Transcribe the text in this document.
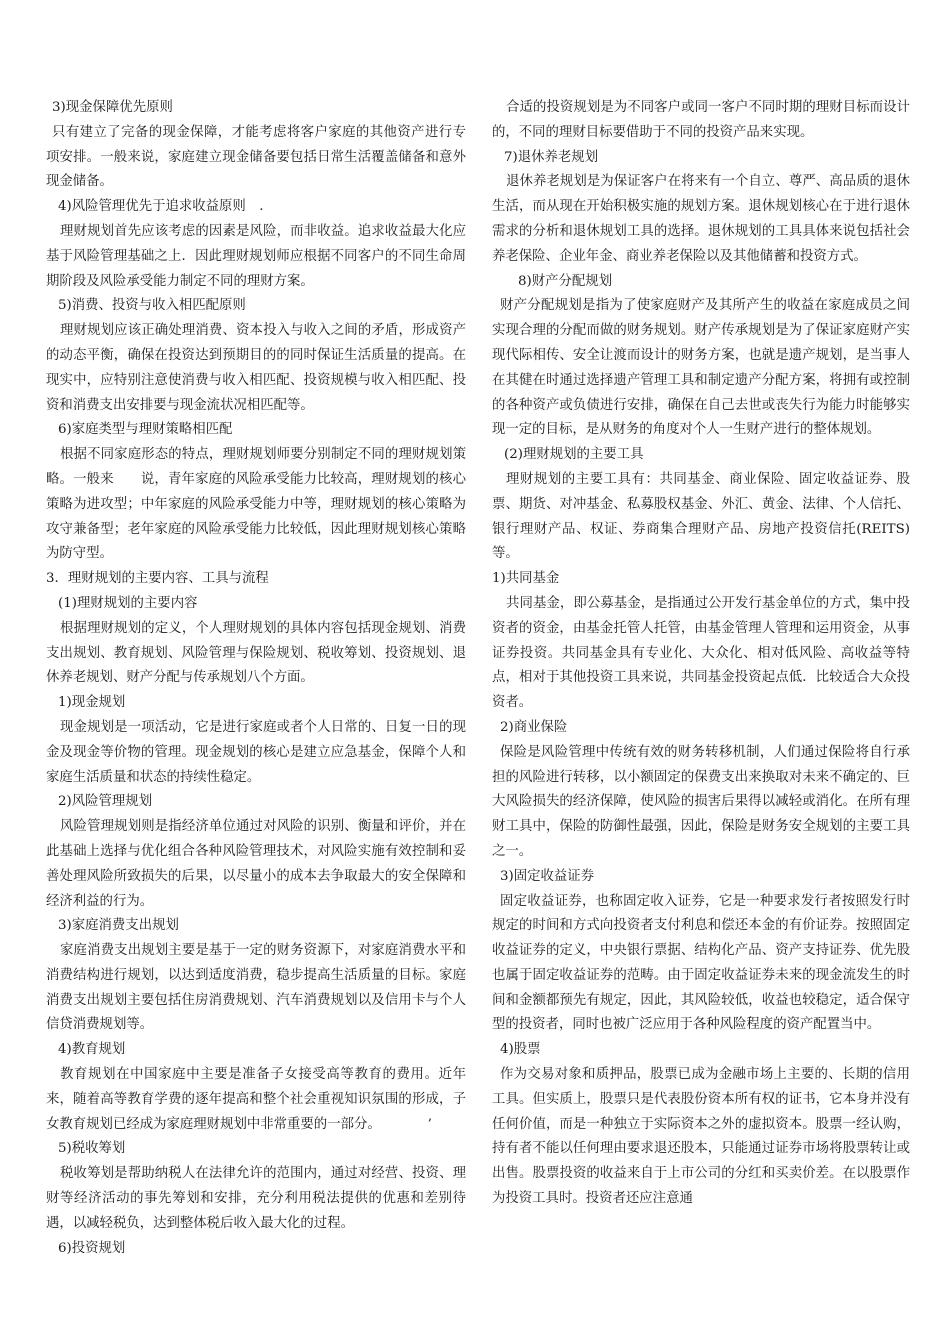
3)现金保障优先原则

只有建立了完备的现金保障，才能考虑将客户家庭的其他资产进行专项安排。一般来说，家庭建立现金储备要包括日常生活覆盖储备和意外现金储备。

4)风险管理优先于追求收益原则　.

理财规划首先应该考虑的因素是风险，而非收益。追求收益最大化应基于风险管理基础之上．因此理财规划师应根据不同客户的不同生命周期阶段及风险承受能力制定不同的理财方案。

5)消费、投资与收入相匹配原则

理财规划应该正确处理消费、资本投入与收入之间的矛盾，形成资产的动态平衡，确保在投资达到预期目的的同时保证生活质量的提高。在现实中，应特别注意使消费与收入相匹配、投资规模与收入相匹配、投资和消费支出安排要与现金流状况相匹配等。

6)家庭类型与理财策略相匹配

根据不同家庭形态的特点，理财规划师要分别制定不同的理财规划策略。一般来　　说，青年家庭的风险承受能力比较高，理财规划的核心策略为进攻型；中年家庭的风险承受能力中等，理财规划的核心策略为攻守兼备型；老年家庭的风险承受能力比较低，因此理财规划核心策略为防守型。

3．理财规划的主要内容、工具与流程
(1)理财规划的主要内容

根据理财规划的定义，个人理财规划的具体内容包括现金规划、消费支出规划、教育规划、风险管理与保险规划、税收筹划、投资规划、退休养老规划、财产分配与传承规划八个方面。

1)现金规划

现金规划是一项活动，它是进行家庭或者个人日常的、日复一日的现金及现金等价物的管理。现金规划的核心是建立应急基金，保障个人和家庭生活质量和状态的持续性稳定。

2)风险管理规划

风险管理规划则是指经济单位通过对风险的识别、衡量和评价，并在此基础上选择与优化组合各种风险管理技术，对风险实施有效控制和妥善处理风险所致损失的后果，以尽量小的成本去争取最大的安全保障和经济利益的行为。

3)家庭消费支出规划

家庭消费支出规划主要是基于一定的财务资源下，对家庭消费水平和消费结构进行规划，以达到适度消费，稳步提高生活质量的目标。家庭消费支出规划主要包括住房消费规划、汽车消费规划以及信用卡与个人信贷消费规划等。

4)教育规划

教育规划在中国家庭中主要是准备子女接受高等教育的费用。近年来，随着高等教育学费的逐年提高和整个社会重视知识氛围的形成，子女教育规划已经成为家庭理财规划中非常重要的一部分。　　　　’

5)税收筹划

税收筹划是帮助纳税人在法律允许的范围内，通过对经营、投资、理财等经济活动的事先筹划和安排，充分利用税法提供的优惠和差别待遇，以减轻税负，达到整体税后收入最大化的过程。

6)投资规划

合适的投资规划是为不同客户或同一客户不同时期的理财目标而设计的，不同的理财目标要借助于不同的投资产品来实现。

7)退休养老规划

退休养老规划是为保证客户在将来有一个自立、尊严、高品质的退休生活，而从现在开始积极实施的规划方案。退休规划核心在于进行退休需求的分析和退休规划工具的选择。退休规划的工具具体来说包括社会养老保险、企业年金、商业养老保险以及其他储蓄和投资方式。

8)财产分配规划

财产分配规划是指为了使家庭财产及其所产生的收益在家庭成员之间实现合理的分配而做的财务规划。财产传承规划是为了保证家庭财产实现代际相传、安全让渡而设计的财务方案，也就是遗产规划，是当事人在其健在时通过选择遗产管理工具和制定遗产分配方案，将拥有或控制的各种资产或负债进行安排，确保在自己去世或丧失行为能力时能够实现一定的目标，是从财务的角度对个人一生财产进行的整体规划。

(2)理财规划的主要工具

理财规划的主要工具有：共同基金、商业保险、固定收益证券、股票、期货、对冲基金、私募股权基金、外汇、黄金、法律、个人信托、银行理财产品、权证、券商集合理财产品、房地产投资信托(REITS)等。

1)共同基金

共同基金，即公募基金，是指通过公开发行基金单位的方式，集中投资者的资金，由基金托管人托管，由基金管理人管理和运用资金，从事证券投资。共同基金具有专业化、大众化、相对低风险、高收益等特点，相对于其他投资工具来说，共同基金投资起点低．比较适合大众投资者。

2)商业保险

保险是风险管理中传统有效的财务转移机制，人们通过保险将自行承担的风险进行转移，以小额固定的保费支出来换取对未来不确定的、巨大风险损失的经济保障，使风险的损害后果得以减轻或消化。在所有理财工具中，保险的防御性最强，因此，保险是财务安全规划的主要工具之一。

3)固定收益证券

固定收益证券，也称固定收入证券，它是一种要求发行者按照发行时规定的时间和方式向投资者支付利息和偿还本金的有价证券。按照固定收益证券的定义，中央银行票据、结构化产品、资产支持证券、优先股也属于固定收益证券的范畴。由于固定收益证券未来的现金流发生的时间和金额都预先有规定，因此，其风险较低，收益也较稳定，适合保守型的投资者，同时也被广泛应用于各种风险程度的资产配置当中。

4)股票

作为交易对象和质押品，股票已成为金融市场上主要的、长期的信用工具。但实质上，股票只是代表股份资本所有权的证书，它本身并没有任何价值，而是一种独立于实际资本之外的虚拟资本。股票一经认购，持有者不能以任何理由要求退还股本，只能通过证券市场将股票转让或出售。股票投资的收益来自于上市公司的分红和买卖价差。在以股票作为投资工具时。投资者还应注意通
